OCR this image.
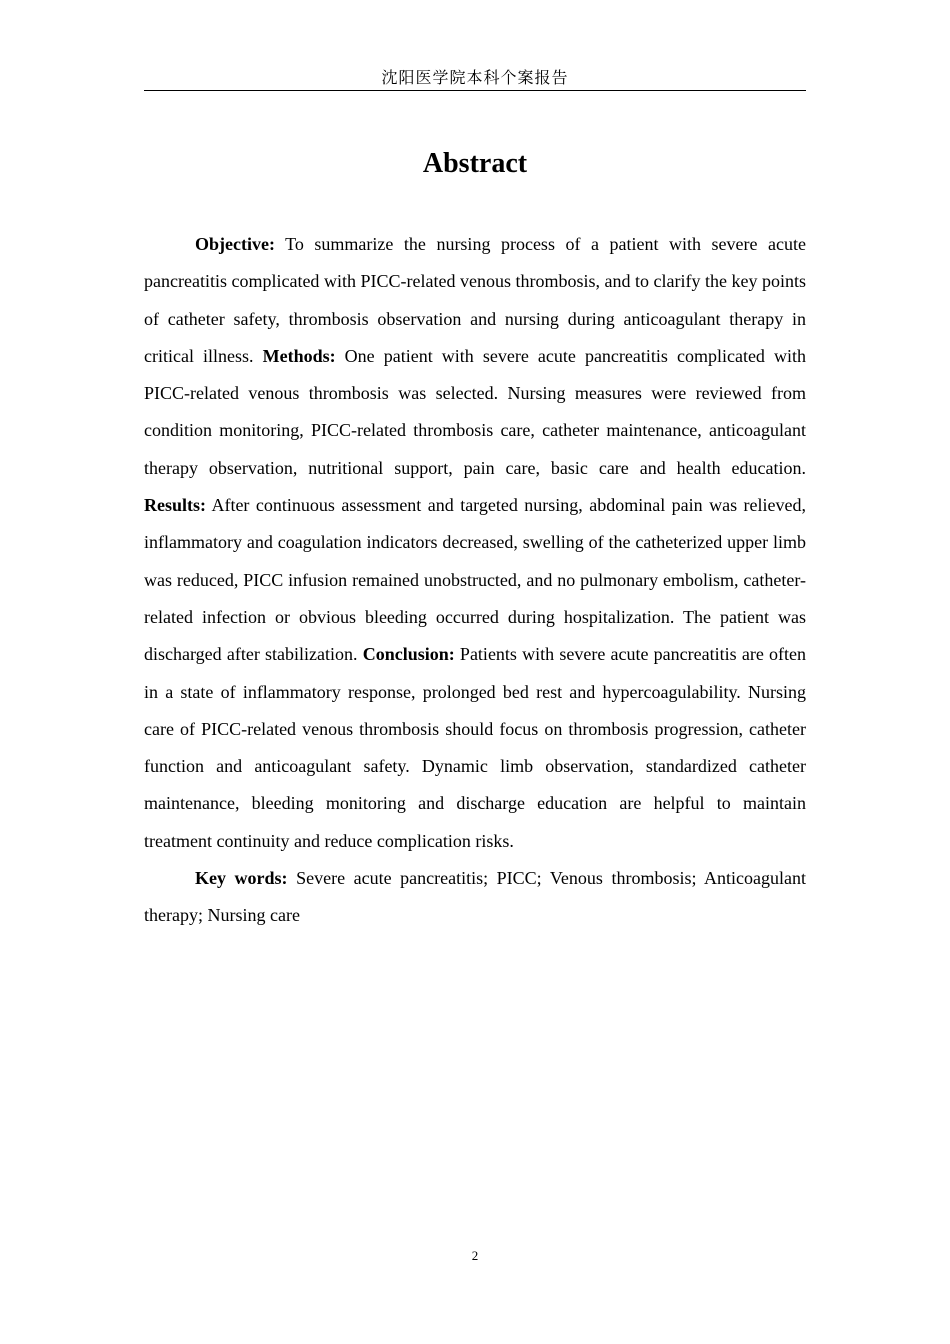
沈阳医学院本科个案报告
Abstract

Objective: To summarize the nursing process of a patient with severe acute pancreatitis complicated with PICC-related venous thrombosis, and to clarify the key points of catheter safety, thrombosis observation and nursing during anticoagulant therapy in critical illness. Methods: One patient with severe acute pancreatitis complicated with PICC-related venous thrombosis was selected. Nursing measures were reviewed from condition monitoring, PICC-related thrombosis care, catheter maintenance, anticoagulant therapy observation, nutritional support, pain care, basic care and health education. Results: After continuous assessment and targeted nursing, abdominal pain was relieved, inflammatory and coagulation indicators decreased, swelling of the catheterized upper limb was reduced, PICC infusion remained unobstructed, and no pulmonary embolism, catheter-related infection or obvious bleeding occurred during hospitalization. The patient was discharged after stabilization. Conclusion: Patients with severe acute pancreatitis are often in a state of inflammatory response, prolonged bed rest and hypercoagulability. Nursing care of PICC-related venous thrombosis should focus on thrombosis progression, catheter function and anticoagulant safety. Dynamic limb observation, standardized catheter maintenance, bleeding monitoring and discharge education are helpful to maintain treatment continuity and reduce complication risks.

Key words: Severe acute pancreatitis; PICC; Venous thrombosis; Anticoagulant therapy; Nursing care

2
